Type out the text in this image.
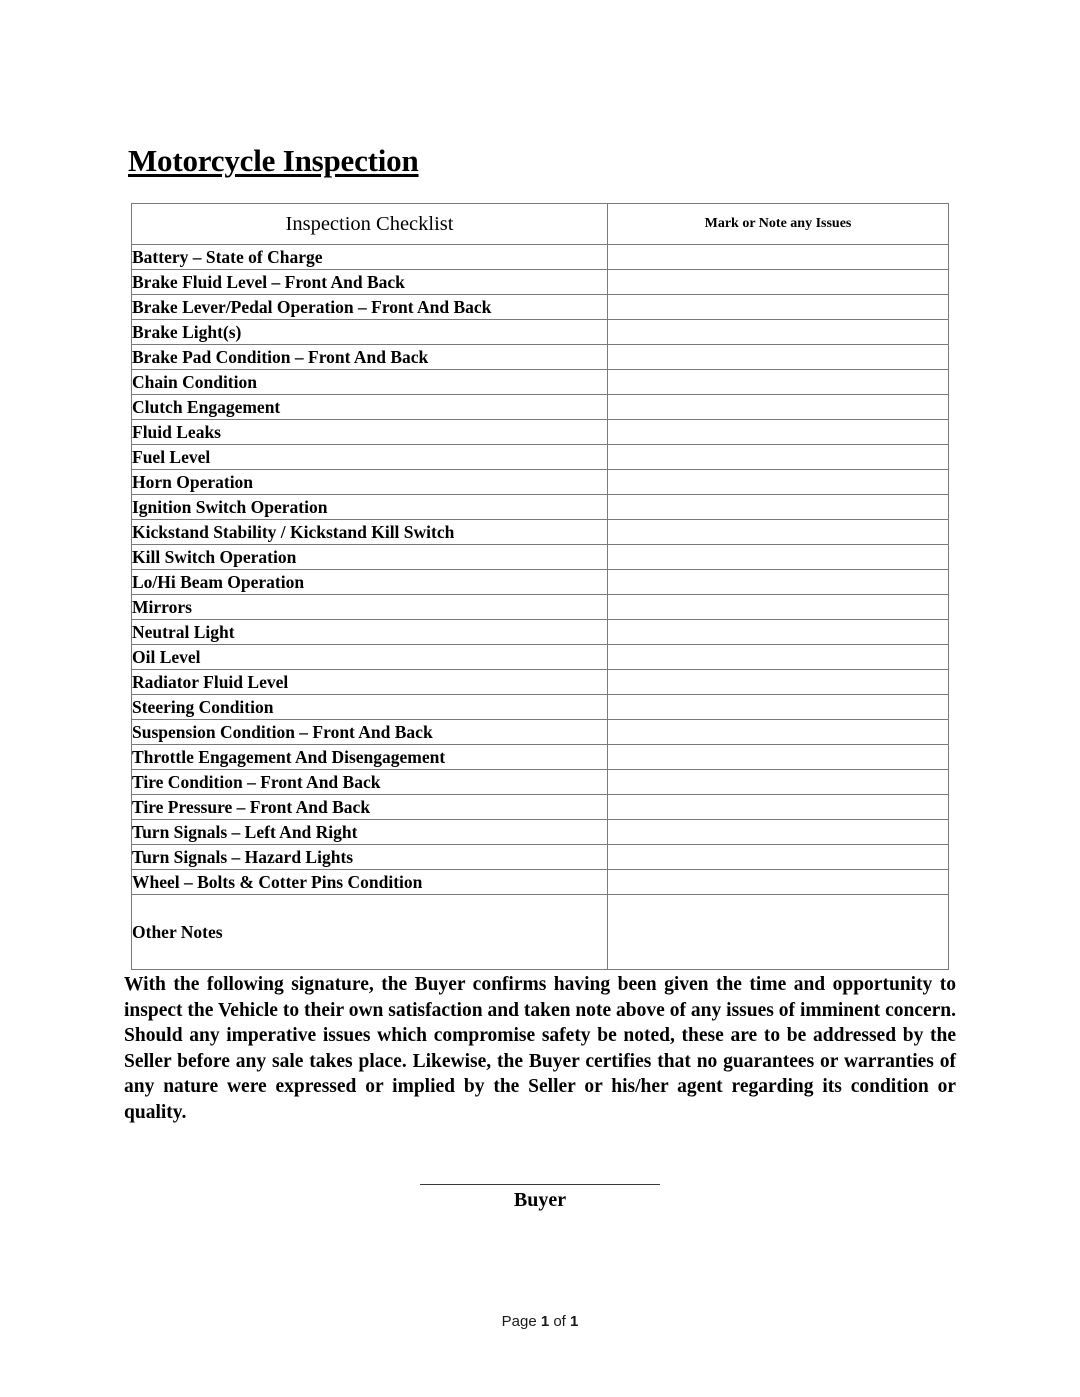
Motorcycle Inspection
Inspection Checklist	Mark or Note any Issues
Battery – State of Charge	
Brake Fluid Level – Front And Back	
Brake Lever/Pedal Operation – Front And Back	
Brake Light(s)	
Brake Pad Condition – Front And Back	
Chain Condition	
Clutch Engagement	
Fluid Leaks	
Fuel Level	
Horn Operation	
Ignition Switch Operation	
Kickstand Stability / Kickstand Kill Switch	
Kill Switch Operation	
Lo/Hi Beam Operation	
Mirrors	
Neutral Light	
Oil Level	
Radiator Fluid Level	
Steering Condition	
Suspension Condition – Front And Back	
Throttle Engagement And Disengagement	
Tire Condition – Front And Back	
Tire Pressure – Front And Back	
Turn Signals – Left And Right	
Turn Signals – Hazard Lights	
Wheel – Bolts & Cotter Pins Condition	
Other Notes	
With the following signature, the Buyer confirms having been given the time and opportunity to inspect the Vehicle to their own satisfaction and taken note above of any issues of imminent concern. Should any imperative issues which compromise safety be noted, these are to be addressed by the Seller before any sale takes place. Likewise, the Buyer certifies that no guarantees or warranties of any nature were expressed or implied by the Seller or his/her agent regarding its condition or quality.
Buyer
Page 1 of 1
